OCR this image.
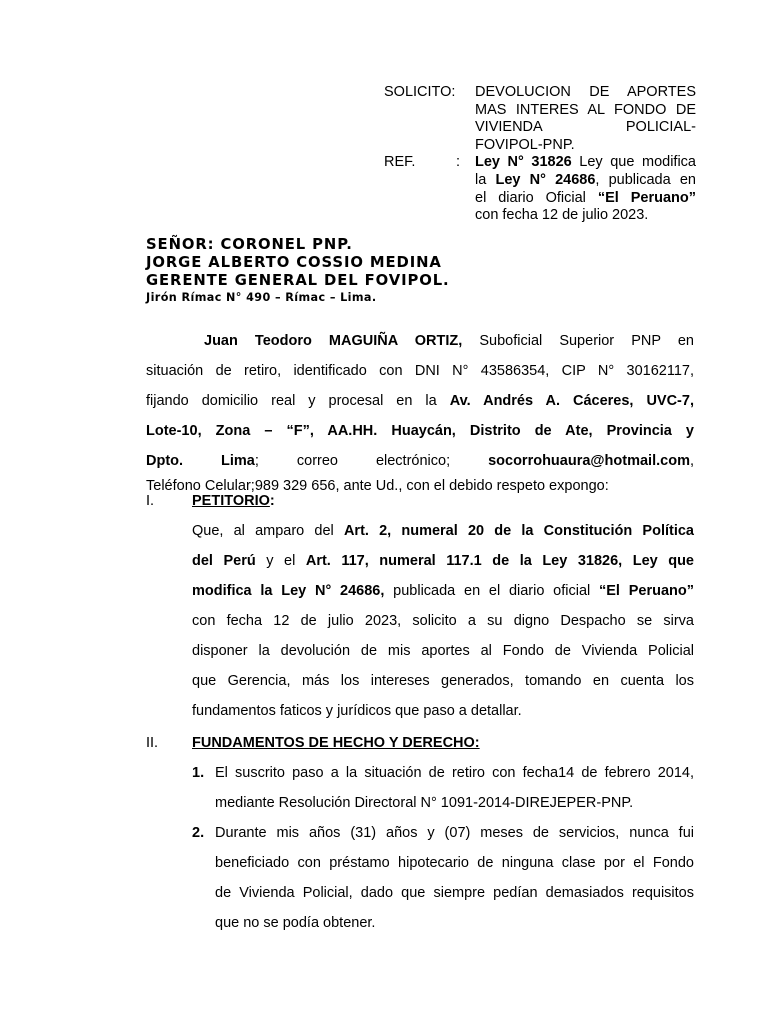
SOLICITO: DEVOLUCION DE APORTES
MAS INTERES AL FONDO DE
VIVIENDA POLICIAL-
FOVIPOL-PNP.
REF.	: Ley N° 31826 Ley que modifica
la Ley N° 24686, publicada en
el diario Oficial “El Peruano”
con fecha 12 de julio 2023.
SEÑOR: CORONEL PNP.
JORGE ALBERTO COSSIO MEDINA
GERENTE GENERAL DEL FOVIPOL.
Jirón Rímac N° 490 – Rímac – Lima.
Juan Teodoro MAGUIÑA ORTIZ, Suboficial Superior PNP en
situación de retiro, identificado con DNI N° 43586354, CIP N° 30162117,
fijando domicilio real y procesal en la Av. Andrés A. Cáceres, UVC-7,
Lote-10, Zona – “F”, AA.HH. Huaycán, Distrito de Ate, Provincia y
Dpto. Lima; correo electrónico; socorrohuaura@hotmail.com,
Teléfono Celular;989 329 656, ante Ud., con el debido respeto expongo:
I.	PETITORIO:
Que, al amparo del Art. 2, numeral 20 de la Constitución Política
del Perú y el Art. 117, numeral 117.1 de la Ley 31826, Ley que
modifica la Ley N° 24686, publicada en el diario oficial “El Peruano”
con fecha 12 de julio 2023, solicito a su digno Despacho se sirva
disponer la devolución de mis aportes al Fondo de Vivienda Policial
que Gerencia, más los intereses generados, tomando en cuenta los
fundamentos faticos y jurídicos que paso a detallar.
II. FUNDAMENTOS DE HECHO Y DERECHO:
1. El suscrito paso a la situación de retiro con fecha14 de febrero 2014,
mediante Resolución Directoral N° 1091-2014-DIREJEPER-PNP.
2. Durante mis años (31) años y (07) meses de servicios, nunca fui
beneficiado con préstamo hipotecario de ninguna clase por el Fondo
de Vivienda Policial, dado que siempre pedían demasiados requisitos
que no se podía obtener.
